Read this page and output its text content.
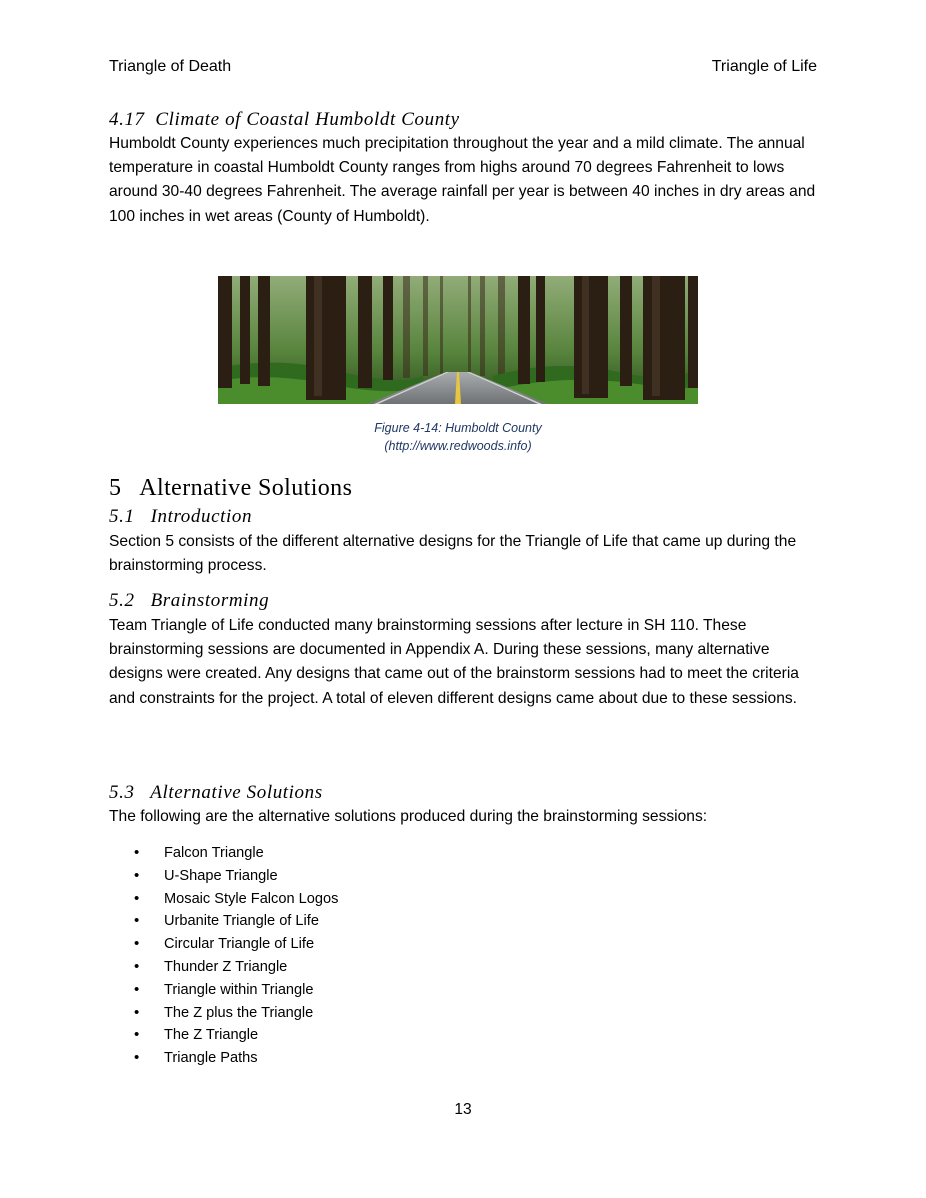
Triangle of Death	Triangle of Life
4.17  Climate of Coastal Humboldt County
Humboldt County experiences much precipitation throughout the year and a mild climate. The annual temperature in coastal Humboldt County ranges from highs around 70 degrees Fahrenheit to lows around 30-40 degrees Fahrenheit. The average rainfall per year is between 40 inches in dry areas and 100 inches in wet areas (County of Humboldt).
Figure 4-14: Humboldt County
(http://www.redwoods.info)
5   Alternative Solutions
5.1   Introduction
Section 5 consists of the different alternative designs for the Triangle of Life that came up during the brainstorming process.
5.2   Brainstorming
Team Triangle of Life conducted many brainstorming sessions after lecture in SH 110. These brainstorming sessions are documented in Appendix A. During these sessions, many alternative designs were created. Any designs that came out of the brainstorm sessions had to meet the criteria and constraints for the project. A total of eleven different designs came about due to these sessions.
5.3   Alternative Solutions
The following are the alternative solutions produced during the brainstorming sessions:
• Falcon Triangle
• U-Shape Triangle
• Mosaic Style Falcon Logos
• Urbanite Triangle of Life
• Circular Triangle of Life
• Thunder Z Triangle
• Triangle within Triangle
• The Z plus the Triangle
• The Z Triangle
• Triangle Paths
13
